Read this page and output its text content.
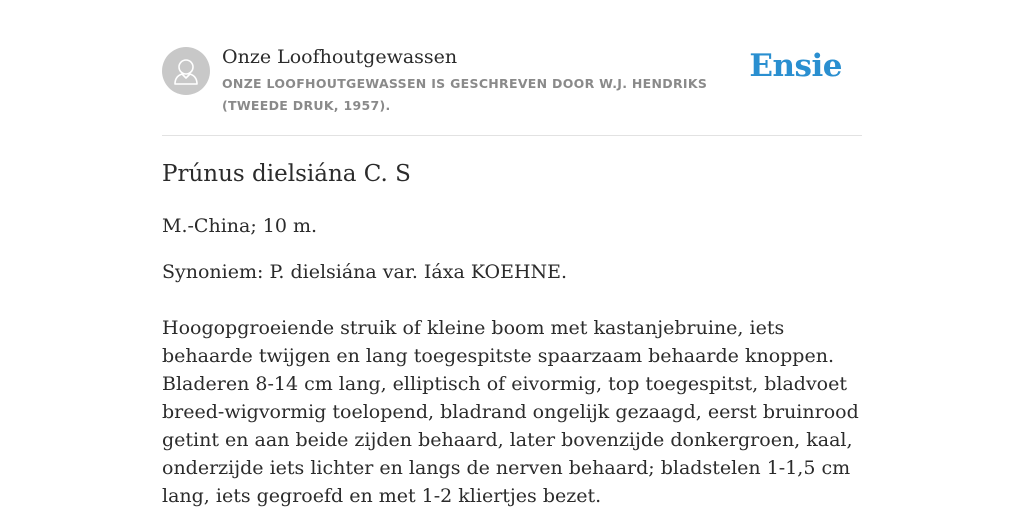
Onze Loofhoutgewassen
ONZE LOOFHOUTGEWASSEN IS GESCHREVEN DOOR W.J. HENDRIKS (TWEEDE DRUK, 1957).
Ensie
Prúnus dielsiána C. S

M.-China; 10 m.

Synoniem: P. dielsiána var. Iáxa KOEHNE.

Hoogopgroeiende struik of kleine boom met kastanjebruine, iets behaarde twijgen en lang toegespitste spaarzaam behaarde knoppen. Bladeren 8-14 cm lang, elliptisch of eivormig, top toegespitst, bladvoet breed-wigvormig toelopend, bladrand ongelijk gezaagd, eerst bruinrood getint en aan beide zijden behaard, later bovenzijde donkergroen, kaal, onderzijde iets lichter en langs de nerven behaard; bladstelen 1-1,5 cm lang, iets gegroefd en met 1-2 kliertjes bezet.
